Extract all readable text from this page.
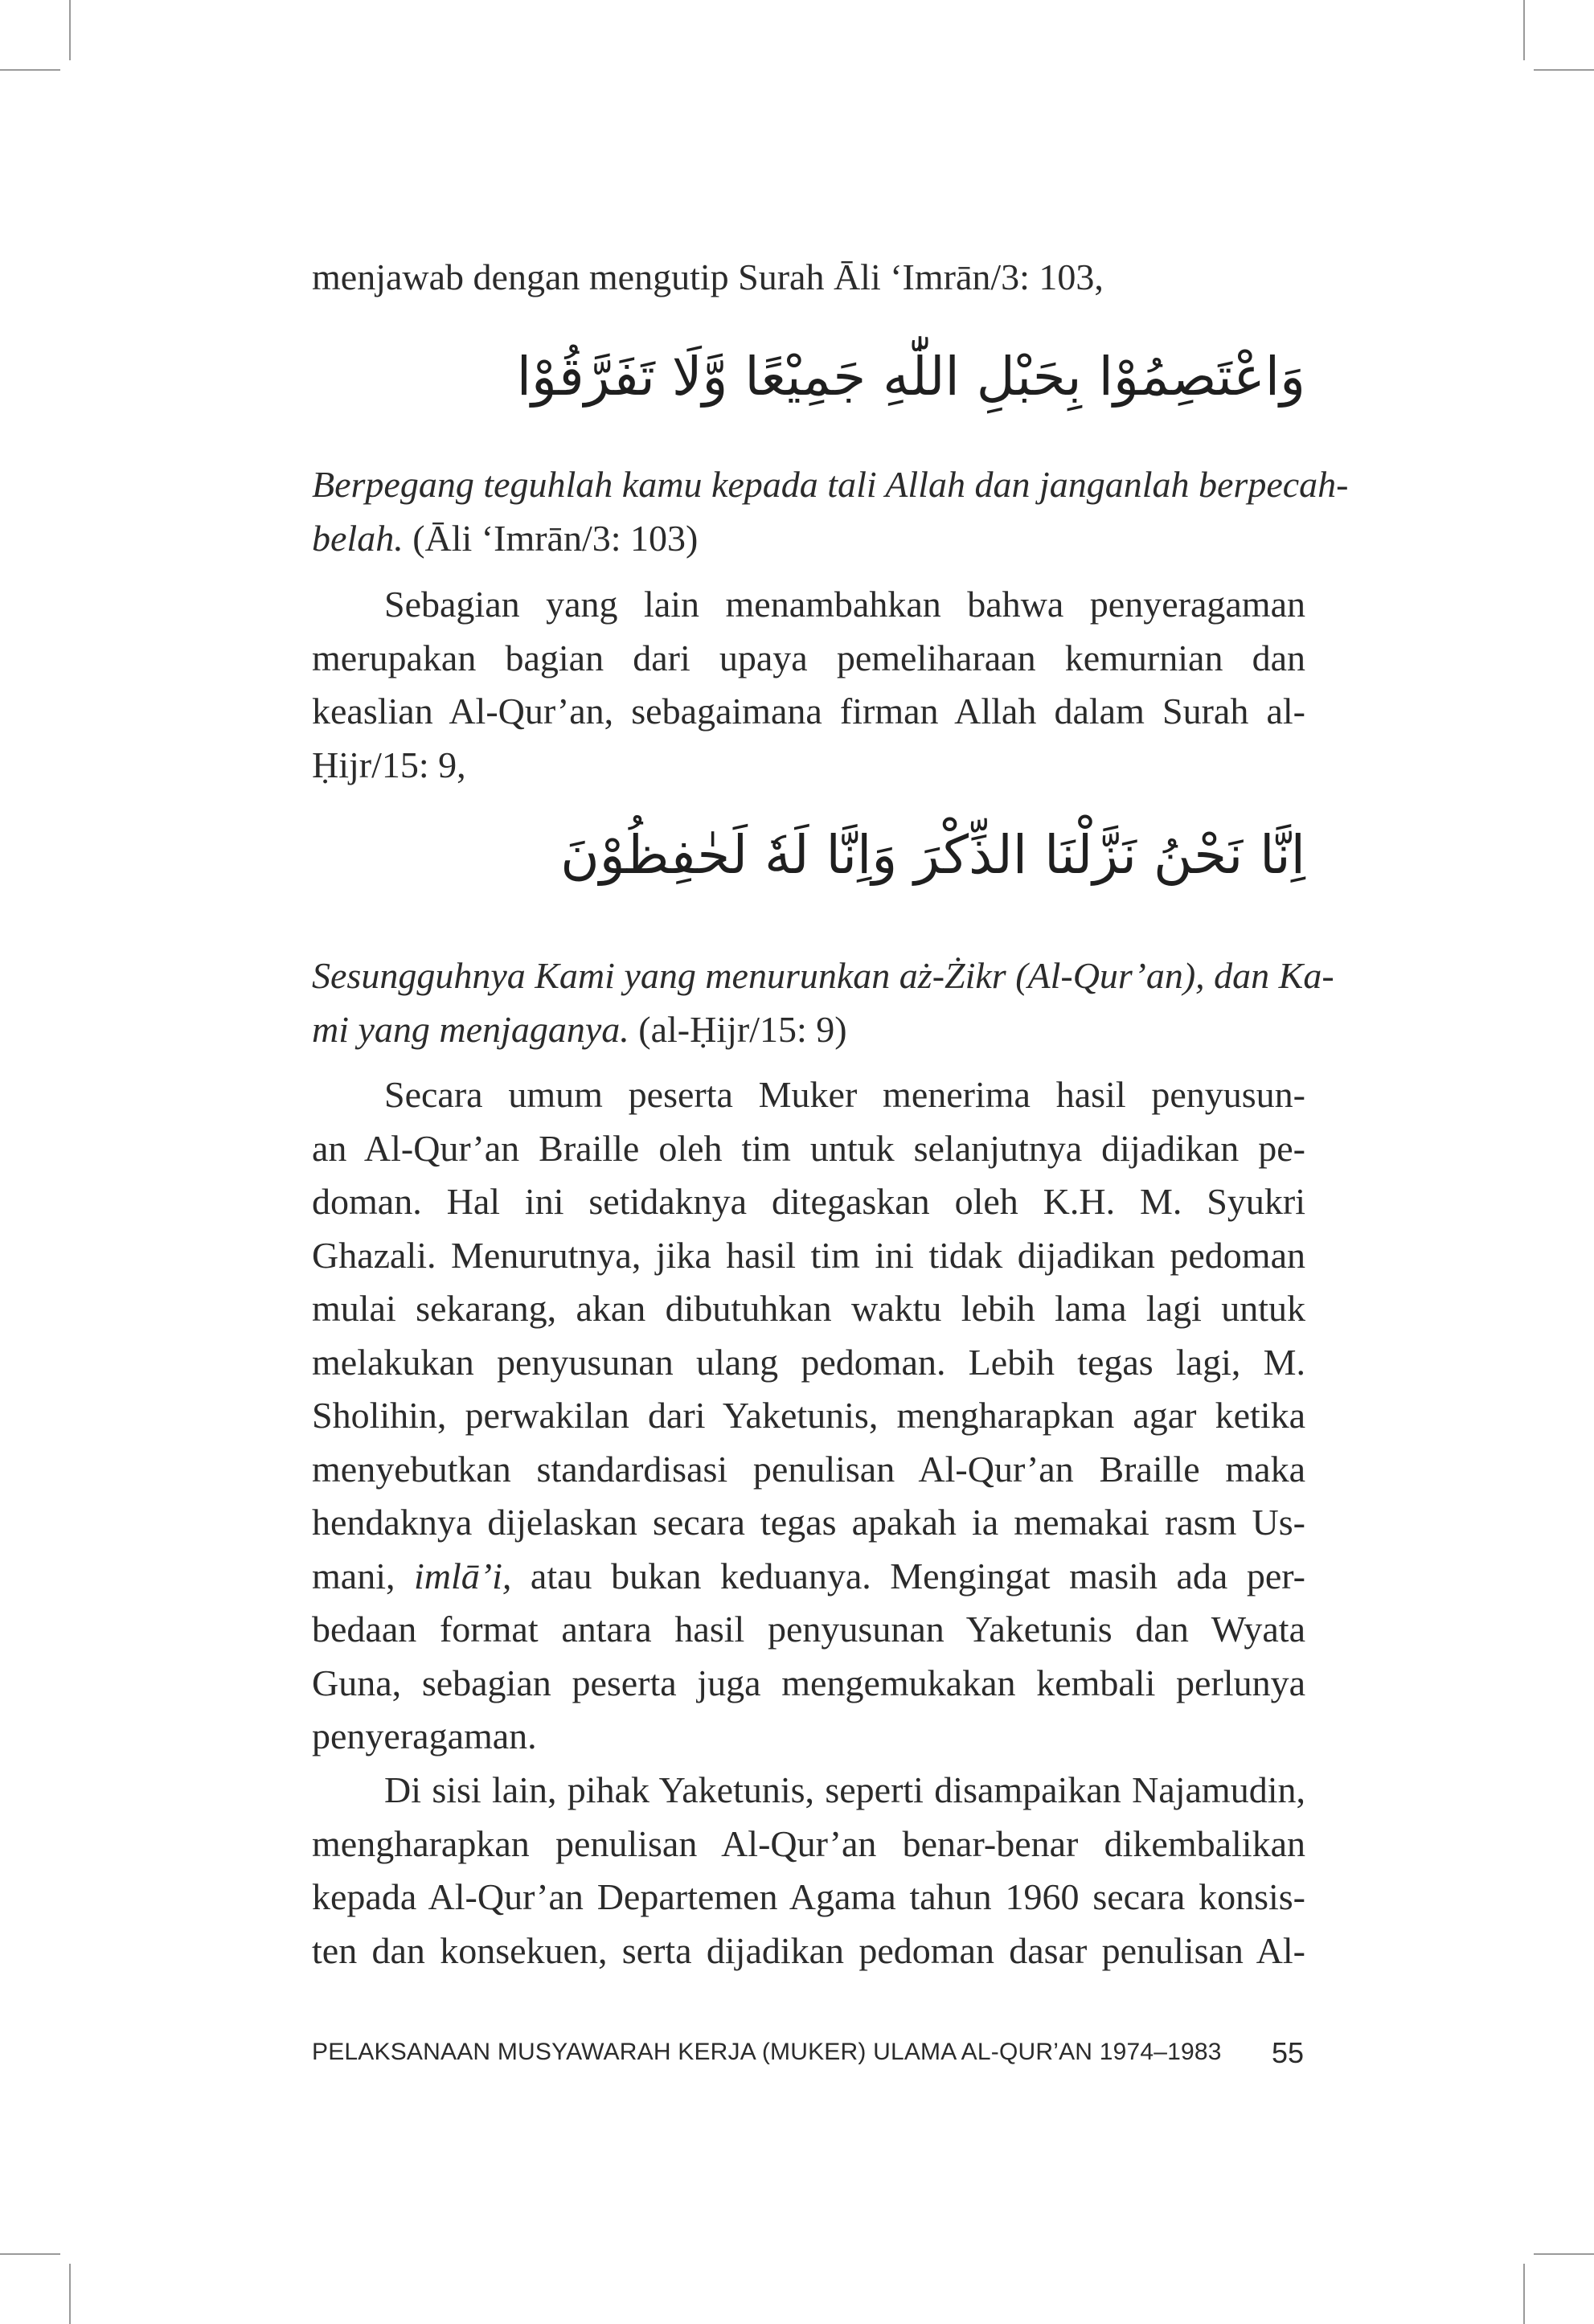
menjawab dengan mengutip Surah Āli ʻImrān/3: 103,

وَاعْتَصِمُوْا بِحَبْلِ اللّٰهِ جَمِيْعًا وَّلَا تَفَرَّقُوْا

Berpegang teguhlah kamu kepada tali Allah dan janganlah berpecah-
belah. (Āli ʻImrān/3: 103)

Sebagian yang lain menambahkan bahwa penyeragaman
merupakan bagian dari upaya pemeliharaan kemurnian dan
keaslian Al-Qur’an, sebagaimana firman Allah dalam Surah al-
Ḥijr/15: 9,

اِنَّا نَحْنُ نَزَّلْنَا الذِّكْرَ وَاِنَّا لَهٗ لَحٰفِظُوْنَ

Sesungguhnya Kami yang menurunkan aż-Żikr (Al-Qur’an), dan Ka-
mi yang menjaganya. (al-Ḥijr/15: 9)

Secara umum peserta Muker menerima hasil penyusun-
an Al-Qur’an Braille oleh tim untuk selanjutnya dijadikan pe-
doman. Hal ini setidaknya ditegaskan oleh K.H. M. Syukri
Ghazali. Menurutnya, jika hasil tim ini tidak dijadikan pedoman
mulai sekarang, akan dibutuhkan waktu lebih lama lagi untuk
melakukan penyusunan ulang pedoman. Lebih tegas lagi, M.
Sholihin, perwakilan dari Yaketunis, mengharapkan agar ketika
menyebutkan standardisasi penulisan Al-Qur’an Braille maka
hendaknya dijelaskan secara tegas apakah ia memakai rasm Us-
mani, imlā’i, atau bukan keduanya. Mengingat masih ada per-
bedaan format antara hasil penyusunan Yaketunis dan Wyata
Guna, sebagian peserta juga mengemukakan kembali perlunya
penyeragaman.

Di sisi lain, pihak Yaketunis, seperti disampaikan Najamudin,
mengharapkan penulisan Al-Qur’an benar-benar dikembalikan
kepada Al-Qur’an Departemen Agama tahun 1960 secara konsis-
ten dan konsekuen, serta dijadikan pedoman dasar penulisan Al-

PELAKSANAAN MUSYAWARAH KERJA (MUKER) ULAMA AL-QUR’AN 1974–1983 55
